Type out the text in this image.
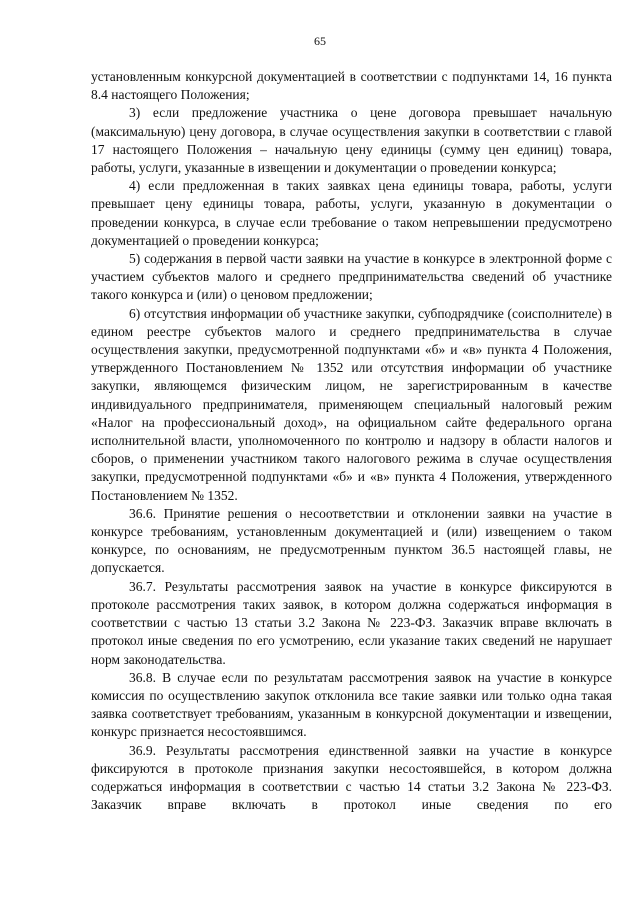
65

установленным конкурсной документацией в соответствии с подпунктами 14, 16 пункта 8.4 настоящего Положения;

3) если предложение участника о цене договора превышает начальную (максимальную) цену договора, в случае осуществления закупки в соответствии с главой 17 настоящего Положения – начальную цену единицы (сумму цен единиц) товара, работы, услуги, указанные в извещении и документации о проведении конкурса;

4) если предложенная в таких заявках цена единицы товара, работы, услуги превышает цену единицы товара, работы, услуги, указанную в документации о проведении конкурса, в случае если требование о таком непревышении предусмотрено документацией о проведении конкурса;

5) содержания в первой части заявки на участие в конкурсе в электронной форме с участием субъектов малого и среднего предпринимательства сведений об участнике такого конкурса и (или) о ценовом предложении;

6) отсутствия информации об участнике закупки, субподрядчике (соисполнителе) в едином реестре субъектов малого и среднего предпринимательства в случае осуществления закупки, предусмотренной подпунктами «б» и «в» пункта 4 Положения, утвержденного Постановлением № 1352 или отсутствия информации об участнике закупки, являющемся физическим лицом, не зарегистрированным в качестве индивидуального предпринимателя, применяющем специальный налоговый режим «Налог на профессиональный доход», на официальном сайте федерального органа исполнительной власти, уполномоченного по контролю и надзору в области налогов и сборов, о применении участником такого налогового режима в случае осуществления закупки, предусмотренной подпунктами «б» и «в» пункта 4 Положения, утвержденного Постановлением № 1352.

36.6. Принятие решения о несоответствии и отклонении заявки на участие в конкурсе требованиям, установленным документацией и (или) извещением о таком конкурсе, по основаниям, не предусмотренным пунктом 36.5 настоящей главы, не допускается.

36.7. Результаты рассмотрения заявок на участие в конкурсе фиксируются в протоколе рассмотрения таких заявок, в котором должна содержаться информация в соответствии с частью 13 статьи 3.2 Закона № 223-ФЗ. Заказчик вправе включать в протокол иные сведения по его усмотрению, если указание таких сведений не нарушает норм законодательства.

36.8. В случае если по результатам рассмотрения заявок на участие в конкурсе комиссия по осуществлению закупок отклонила все такие заявки или только одна такая заявка соответствует требованиям, указанным в конкурсной документации и извещении, конкурс признается несостоявшимся.

36.9. Результаты рассмотрения единственной заявки на участие в конкурсе фиксируются в протоколе признания закупки несостоявшейся, в котором должна содержаться информация в соответствии с частью 14 статьи 3.2 Закона № 223-ФЗ. Заказчик вправе включать в протокол иные сведения по его
